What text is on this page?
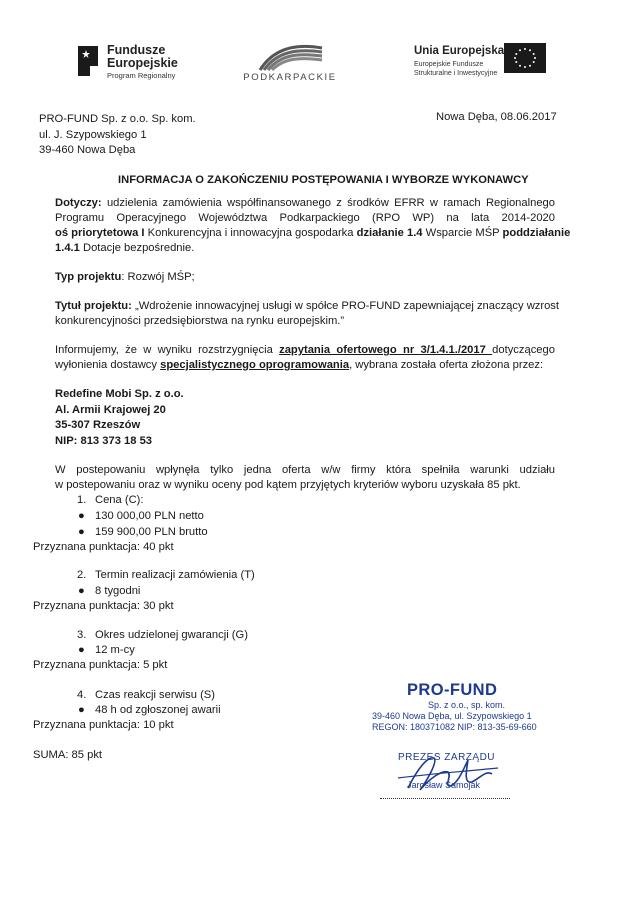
Fundusze
Europejskie
Program Regionalny	PODKARPACKIE
Unia Europejska
Europejskie Fundusze
Strukturalne i Inwestycyjne
PRO-FUND Sp. z o.o. Sp. kom.
ul. J. Szypowskiego 1
39-460 Nowa Dęba
Nowa Dęba, 08.06.2017
INFORMACJA O ZAKOŃCZENIU POSTĘPOWANIA I WYBORZE WYKONAWCY
Dotyczy: udzielenia zamówienia współfinansowanego z środków EFRR w ramach Regionalnego
Programu Operacyjnego Województwa Podkarpackiego (RPO WP) na lata 2014-2020
oś priorytetowa I Konkurencyjna i innowacyjna gospodarka działanie 1.4 Wsparcie MŚP poddziałanie
1.4.1 Dotacje bezpośrednie.
Typ projektu: Rozwój MŚP;
Tytuł projektu: „Wdrożenie innowacyjnej usługi w spółce PRO-FUND zapewniającej znaczący wzrost
konkurencyjności przedsiębiorstwa na rynku europejskim.”
Informujemy, że w wyniku rozstrzygnięcia zapytania ofertowego nr 3/1.4.1./2017 dotyczącego
wyłonienia dostawcy specjalistycznego oprogramowania, wybrana została oferta złożona przez:
Redefine Mobi Sp. z o.o.
Al. Armii Krajowej 20
35-307 Rzeszów
NIP: 813 373 18 53
W postepowaniu wpłynęła tylko jedna oferta w/w firmy która spełniła warunki udziału
w postepowaniu oraz w wyniku oceny pod kątem przyjętych kryteriów wyboru uzyskała 85 pkt.
1. Cena (C):
● 130 000,00 PLN netto
● 159 900,00 PLN brutto
Przyznana punktacja: 40 pkt
2. Termin realizacji zamówienia (T)
● 8 tygodni
Przyznana punktacja: 30 pkt
3. Okres udzielonej gwarancji (G)
● 12 m-cy
Przyznana punktacja: 5 pkt
4. Czas reakcji serwisu (S)
● 48 h od zgłoszonej awarii
Przyznana punktacja: 10 pkt
SUMA: 85 pkt
PRO-FUND
Sp. z o.o., sp. kom.
39-460 Nowa Dęba, ul. Szypowskiego 1
REGON: 180371082 NIP: 813-35-69-660
PREZES ZARZĄDU
Jarosław Samojak
